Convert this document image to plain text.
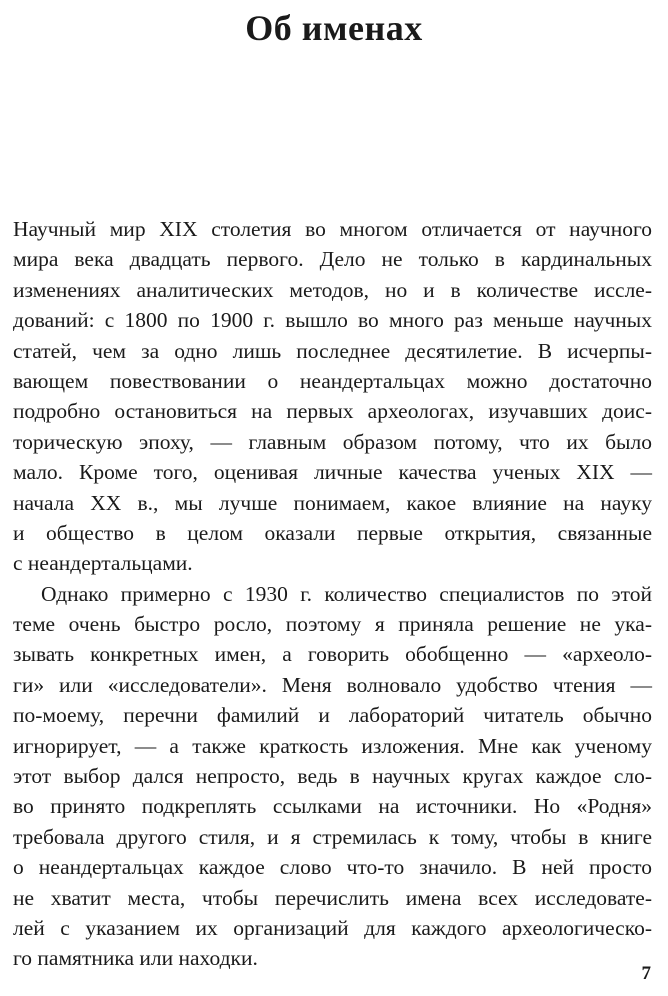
Об именах
Научный мир XIX столетия во многом отличается от научного
мира века двадцать первого. Дело не только в кардинальных
изменениях аналитических методов, но и в количестве иссле-
дований: с 1800 по 1900 г. вышло во много раз меньше научных
статей, чем за одно лишь последнее десятилетие. В исчерпы-
вающем повествовании о неандертальцах можно достаточно
подробно остановиться на первых археологах, изучавших доис-
торическую эпоху, — главным образом потому, что их было
мало. Кроме того, оценивая личные качества ученых XIX —
начала XX в., мы лучше понимаем, какое влияние на науку
и общество в целом оказали первые открытия, связанные
с неандертальцами.
Однако примерно с 1930 г. количество специалистов по этой
теме очень быстро росло, поэтому я приняла решение не ука-
зывать конкретных имен, а говорить обобщенно — «археоло-
ги» или «исследователи». Меня волновало удобство чтения —
по-моему, перечни фамилий и лабораторий читатель обычно
игнорирует, — а также краткость изложения. Мне как ученому
этот выбор дался непросто, ведь в научных кругах каждое сло-
во принято подкреплять ссылками на источники. Но «Родня»
требовала другого стиля, и я стремилась к тому, чтобы в книге
о неандертальцах каждое слово что-то значило. В ней просто
не хватит места, чтобы перечислить имена всех исследовате-
лей с указанием их организаций для каждого археологическо-
го памятника или находки.
7
